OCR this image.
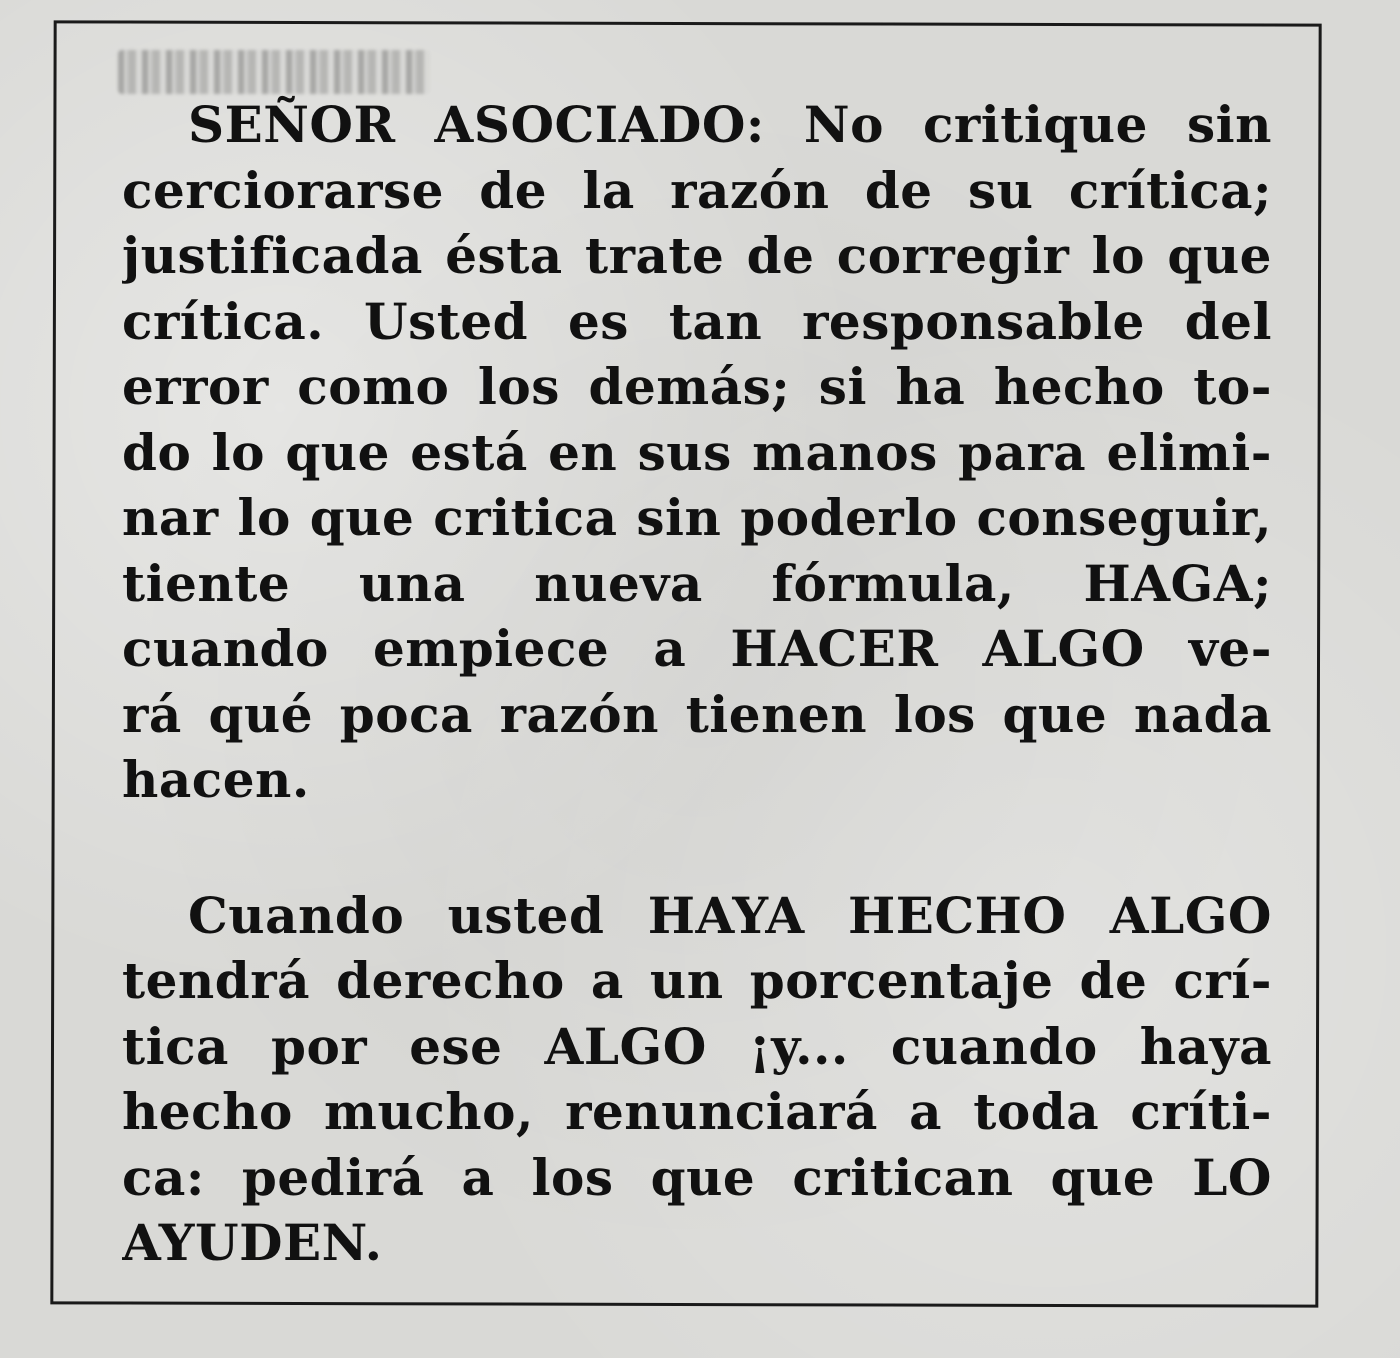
SEÑOR ASOCIADO: No critique sin
cerciorarse de la razón de su crítica;
justificada ésta trate de corregir lo que
crítica. Usted es tan responsable del
error como los demás; si ha hecho to-
do lo que está en sus manos para elimi-
nar lo que critica sin poderlo conseguir,
tiente una nueva fórmula, HAGA;
cuando empiece a HACER ALGO ve-
rá qué poca razón tienen los que nada
hacen.
Cuando usted HAYA HECHO ALGO
tendrá derecho a un porcentaje de crí-
tica por ese ALGO ¡y... cuando haya
hecho mucho, renunciará a toda críti-
ca: pedirá a los que critican que LO
AYUDEN.
